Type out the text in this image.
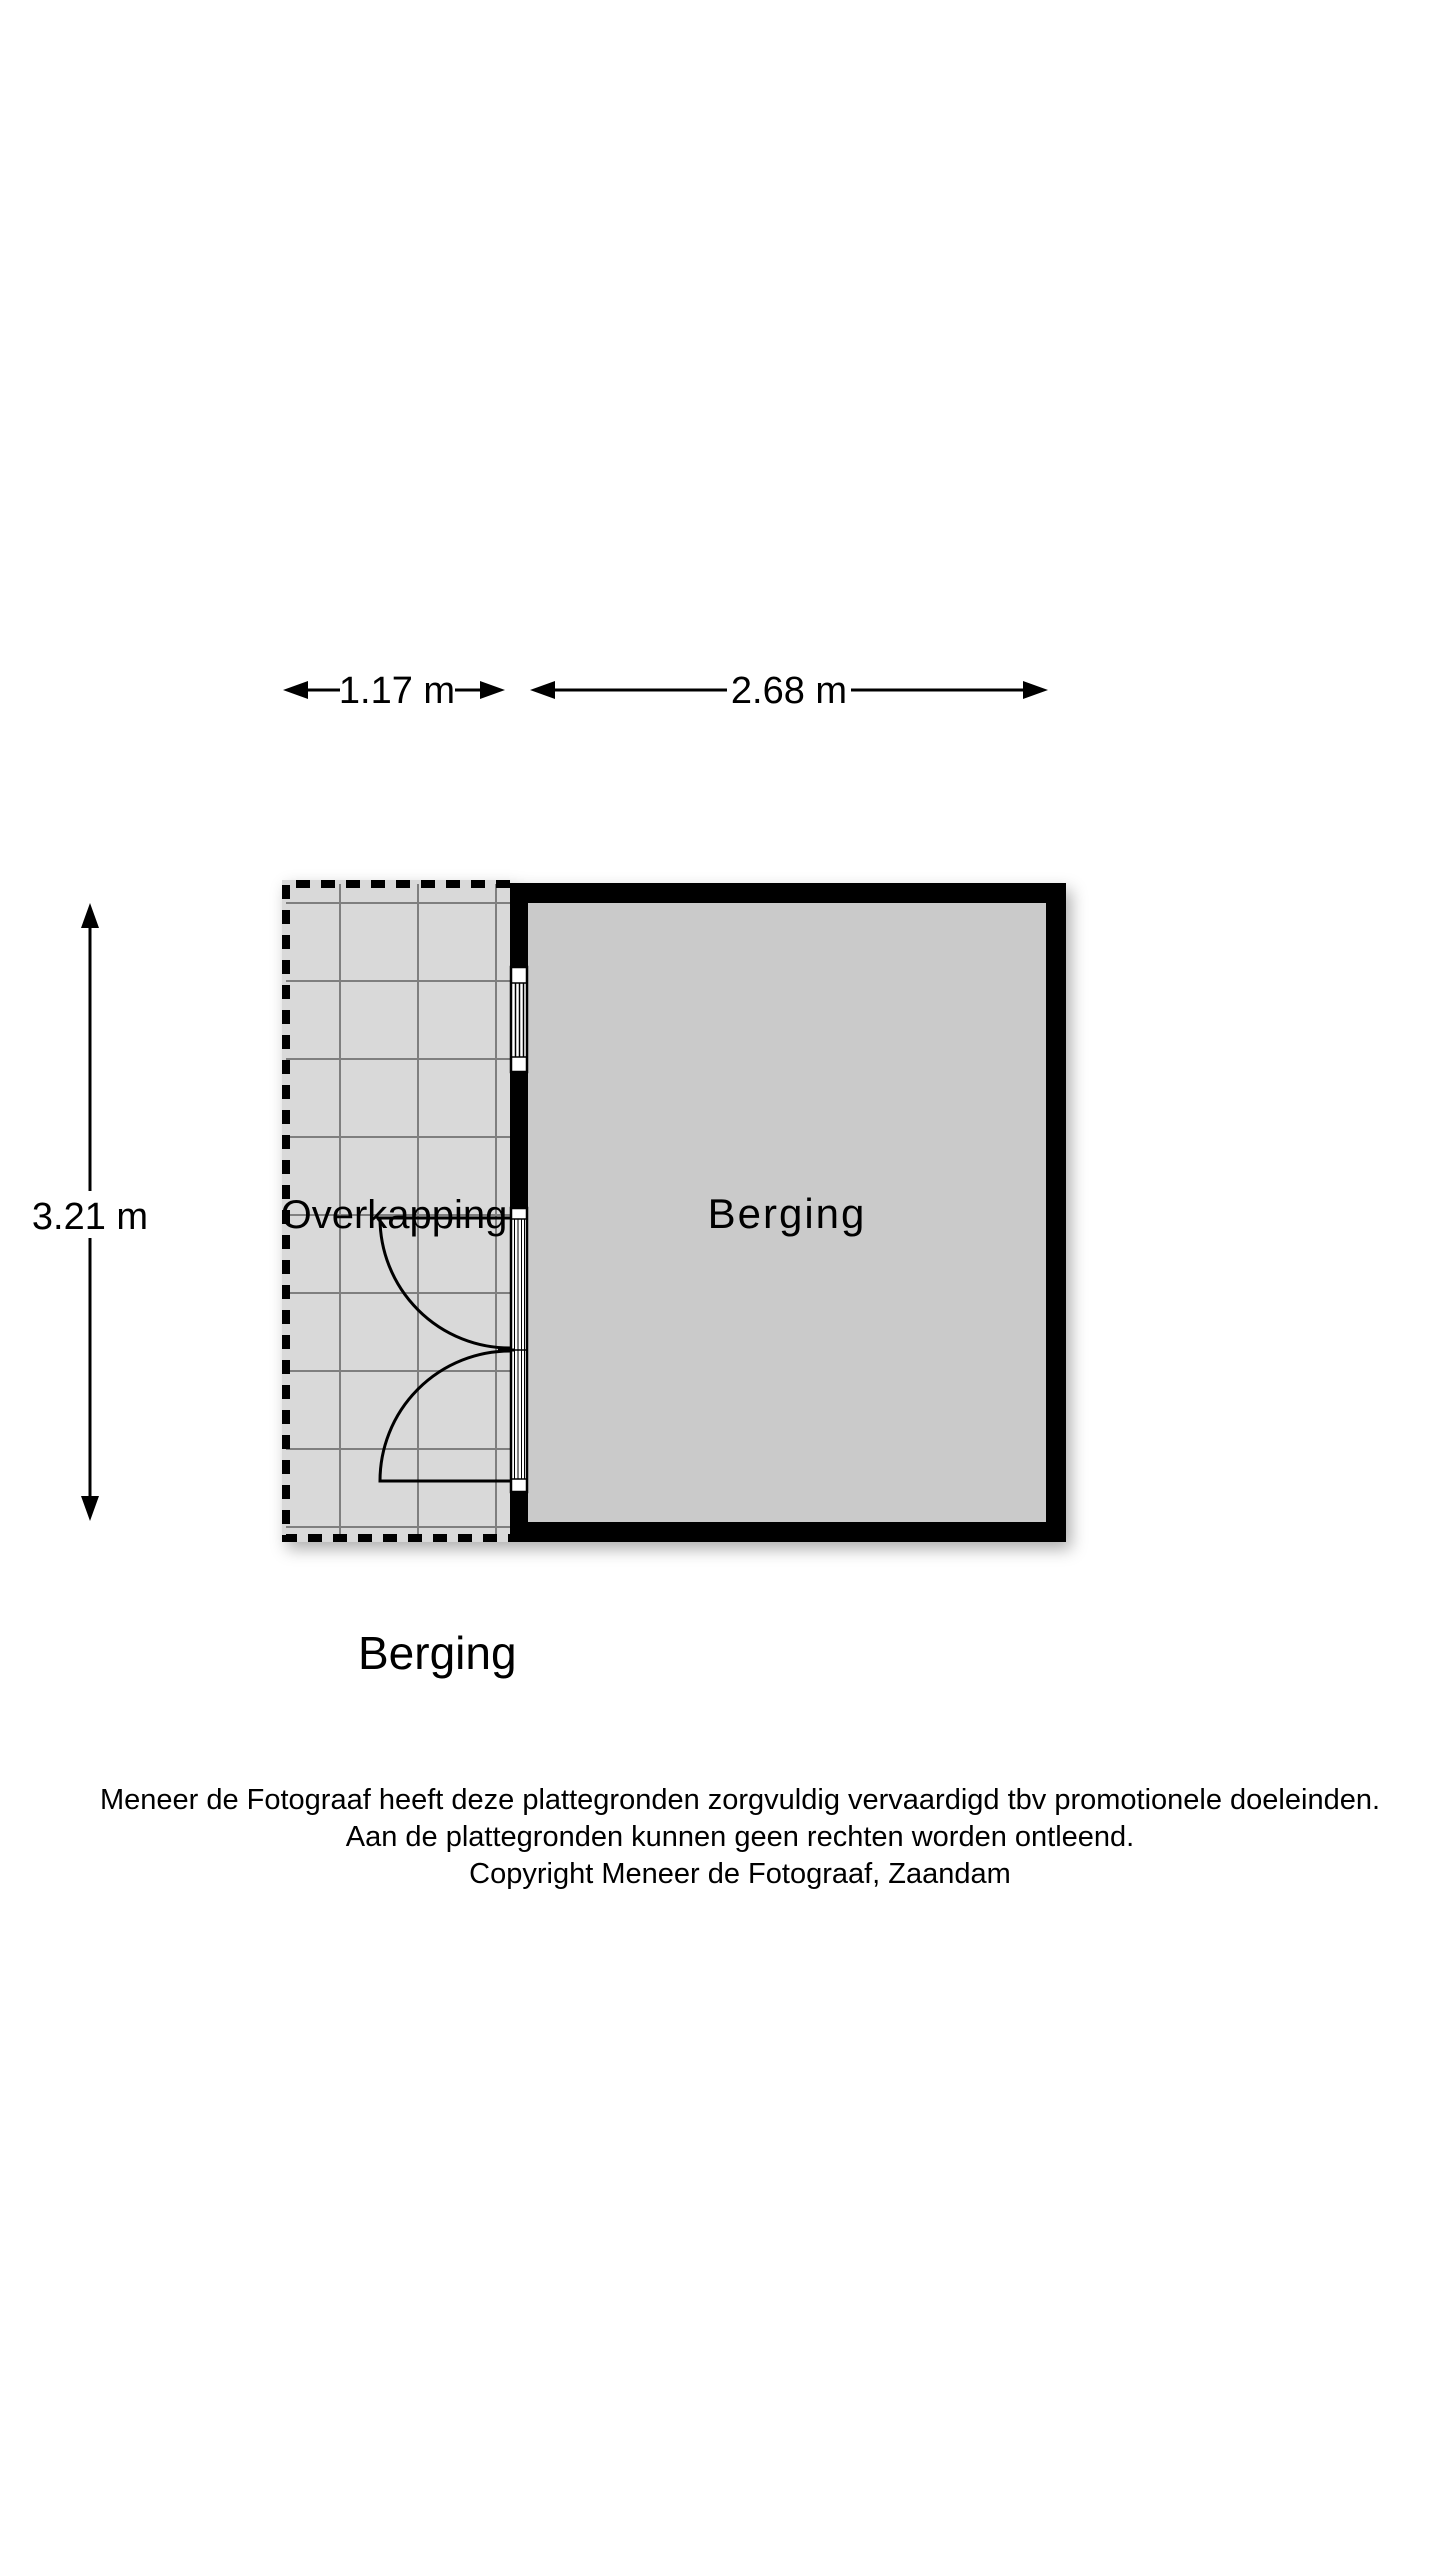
1.17 m	2.68 m
3.21 m	Overkapping	Berging
Berging
Meneer de Fotograaf heeft deze plattegronden zorgvuldig vervaardigd tbv promotionele doeleinden.
Aan de plattegronden kunnen geen rechten worden ontleend.
Copyright Meneer de Fotograaf, Zaandam
